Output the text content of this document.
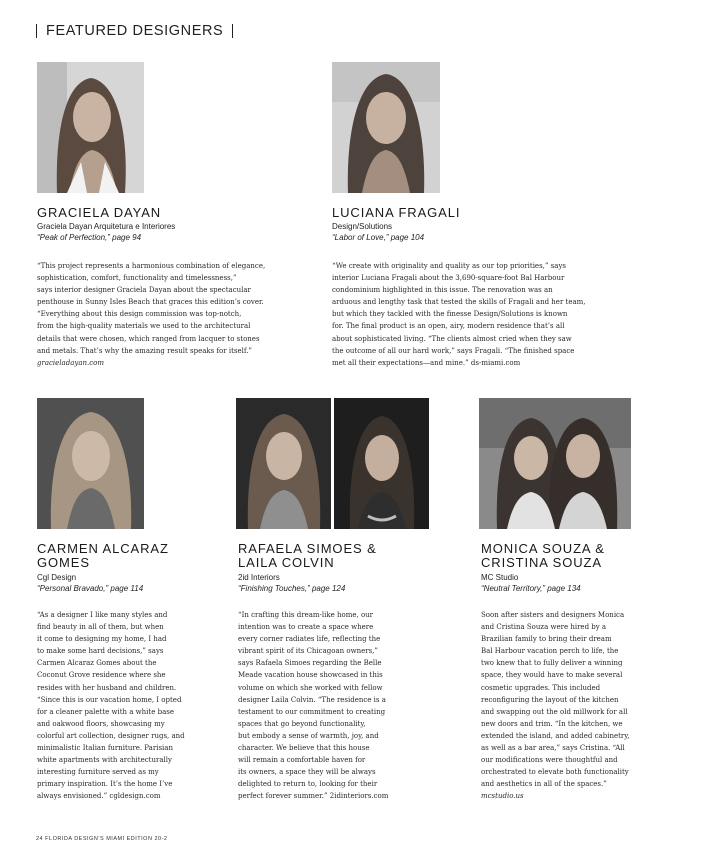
FEATURED DESIGNERS
GRACIELA DAYAN

Graciela Dayan Arquitetura e Interiores

“Peak of Perfection,” page 94

“This project represents a harmonious combination of elegance,
sophistication, comfort, functionality and timelessness,”
says interior designer Graciela Dayan about the spectacular
penthouse in Sunny Isles Beach that graces this edition’s cover.
“Everything about this design commission was top-notch,
from the high-quality materials we used to the architectural
details that were chosen, which ranged from lacquer to stones
and metals. That’s why the amazing result speaks for itself.”
gracieladayan.com

LUCIANA FRAGALI

Design/Solutions

“Labor of Love,” page 104

“We create with originality and quality as our top priorities,” says
interior Luciana Fragali about the 3,690-square-foot Bal Harbour
condominium highlighted in this issue. The renovation was an
arduous and lengthy task that tested the skills of Fragali and her team,
but which they tackled with the finesse Design/Solutions is known
for. The final product is an open, airy, modern residence that’s all
about sophisticated living. “The clients almost cried when they saw
the outcome of all our hard work,” says Fragali. “The finished space
met all their expectations—and mine.” ds-miami.com

CARMEN ALCARAZ
GOMES

Cgl Design

“Personal Bravado,” page 114

“As a designer I like many styles and
find beauty in all of them, but when
it come to designing my home, I had
to make some hard decisions,” says
Carmen Alcaraz Gomes about the
Coconut Grove residence where she
resides with her husband and children.
“Since this is our vacation home, I opted
for a cleaner palette with a white base
and oakwood floors, showcasing my
colorful art collection, designer rugs, and
minimalistic Italian furniture. Parisian
white apartments with architecturally
interesting furniture served as my
primary inspiration. It’s the home I’ve
always envisioned.” cgldesign.com

RAFAELA SIMOES &
LAILA COLVIN

2id Interiors

“Finishing Touches,” page 124

“In crafting this dream-like home, our
intention was to create a space where
every corner radiates life, reflecting the
vibrant spirit of its Chicagoan owners,”
says Rafaela Simoes regarding the Belle
Meade vacation house showcased in this
volume on which she worked with fellow
designer Laila Colvin. “The residence is a
testament to our commitment to creating
spaces that go beyond functionality,
but embody a sense of warmth, joy, and
character. We believe that this house
will remain a comfortable haven for
its owners, a space they will be always
delighted to return to, looking for their
perfect forever summer.” 2idinteriors.com

MONICA SOUZA &
CRISTINA SOUZA

MC Studio

“Neutral Territory,” page 134

Soon after sisters and designers Monica
and Cristina Souza were hired by a
Brazilian family to bring their dream
Bal Harbour vacation perch to life, the
two knew that to fully deliver a winning
space, they would have to make several
cosmetic upgrades. This included
reconfiguring the layout of the kitchen
and swapping out the old millwork for all
new doors and trim. “In the kitchen, we
extended the island, and added cabinetry,
as well as a bar area,” says Cristina. “All
our modifications were thoughtful and
orchestrated to elevate both functionality
and aesthetics in all of the spaces.”
mcstudio.us

24 FLORIDA DESIGN’S MIAMI EDITION 20-2
